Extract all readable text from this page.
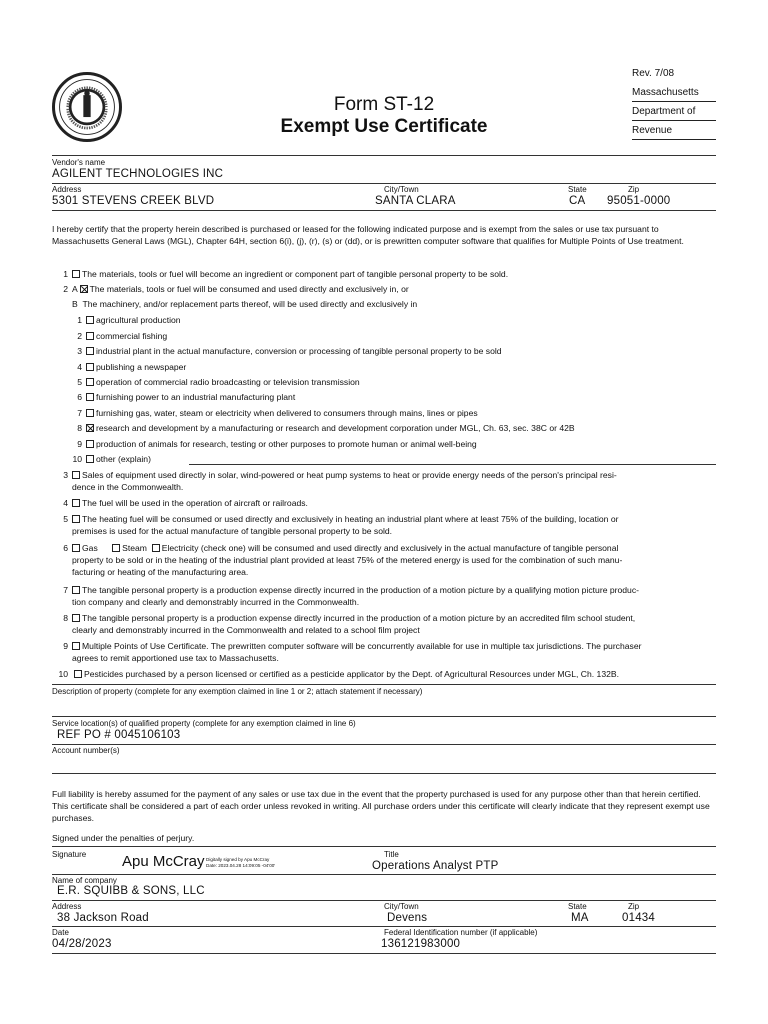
Form ST-12
Exempt Use Certificate
Rev. 7/08
Massachusetts
Department of
Revenue
Vendor's name
AGILENT TECHNOLOGIES INC
Address	City/Town	State	Zip
5301 STEVENS CREEK BLVD	SANTA CLARA	CA 95051-0000
I hereby certify that the property herein described is purchased or leased for the following indicated purpose and is exempt from the sales or use tax pursuant to Massachusetts General Laws (MGL), Chapter 64H, section 6(i), (j), (r), (s) or (dd), or is prewritten computer software that qualifies for Multiple Points of Use treatment.
1	The materials, tools or fuel will become an ingredient or component part of tangible personal property to be sold.
2 A The materials, tools or fuel will be consumed and used directly and exclusively in, or
B The machinery, and/or replacement parts thereof, will be used directly and exclusively in
1	agricultural production
2	commercial fishing
3	industrial plant in the actual manufacture, conversion or processing of tangible personal property to be sold
4	publishing a newspaper
5	operation of commercial radio broadcasting or television transmission
6	furnishing power to an industrial manufacturing plant
7	furnishing gas, water, steam or electricity when delivered to consumers through mains, lines or pipes
8	research and development by a manufacturing or research and development corporation under MGL, Ch. 63, sec. 38C or 42B
9	production of animals for research, testing or other purposes to promote human or animal well-being
10	other (explain)
3	Sales of equipment used directly in solar, wind-powered or heat pump systems to heat or provide energy needs of the person's principal resi-
dence in the Commonwealth.
4	The fuel will be used in the operation of aircraft or railroads.
5	The heating fuel will be consumed or used directly and exclusively in heating an industrial plant where at least 75% of the building, location or
premises is used for the actual manufacture of tangible personal property to be sold.
6	Gas	Steam Electricity (check one) will be consumed and used directly and exclusively in the actual manufacture of tangible personal
property to be sold or in the heating of the industrial plant provided at least 75% of the metered energy is used for the combination of such manu-
facturing or heating of the manufacturing area.
7	The tangible personal property is a production expense directly incurred in the production of a motion picture by a qualifying motion picture produc-
tion company and clearly and demonstrably incurred in the Commonwealth.
8	The tangible personal property is a production expense directly incurred in the production of a motion picture by an accredited film school student,
clearly and demonstrably incurred in the Commonwealth and related to a school film project
9	Multiple Points of Use Certificate. The prewritten computer software will be concurrently available for use in multiple tax jurisdictions. The purchaser
agrees to remit apportioned use tax to Massachusetts.
10	Pesticides purchased by a person licensed or certified as a pesticide applicator by the Dept. of Agricultural Resources under MGL, Ch. 132B.
Description of property (complete for any exemption claimed in line 1 or 2; attach statement if necessary)
Service location(s) of qualified property (complete for any exemption claimed in line 6)
REF PO # 0045106103
Account number(s)
Full liability is hereby assumed for the payment of any sales or use tax due in the event that the property purchased is used for any purpose other than that herein certified. This certificate shall be considered a part of each order unless revoked in writing. All purchase orders under this certificate will clearly indicate that they represent exempt use purchases.
Signed under the penalties of perjury.
Signature Apu McCray Digitally signed by Apu McCray
Date: 2023.04.28 14:09:05 -04'00'
Title
Operations Analyst PTP
Name of company
E.R. SQUIBB & SONS, LLC
Address	City/Town	State	Zip
38 Jackson Road	Devens	MA	01434
Date	Federal Identification number (if applicable)
04/28/2023	136121983000
